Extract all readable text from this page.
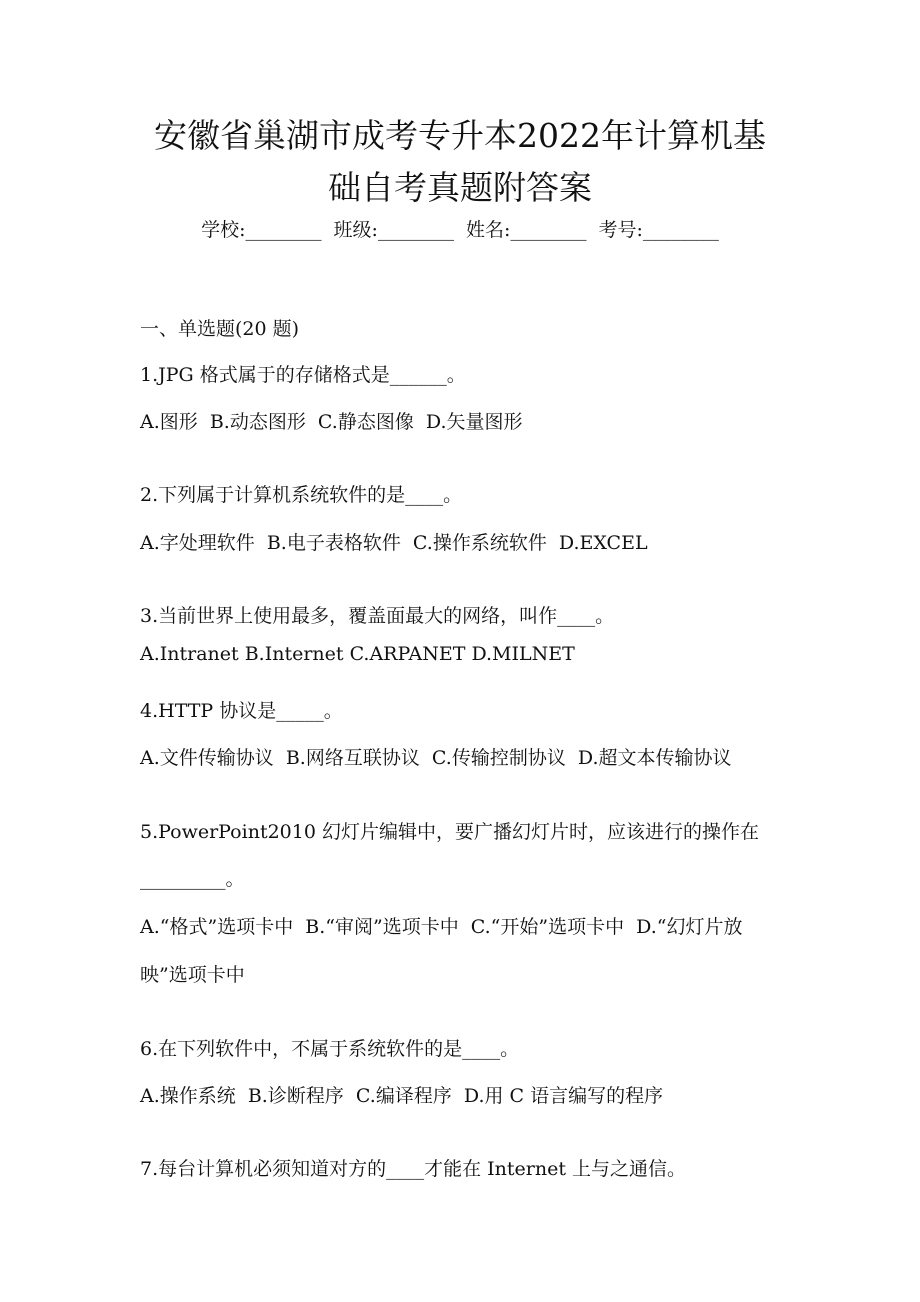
安徽省巢湖市成考专升本2022年计算机基
础自考真题附答案
学校:________  班级:________  姓名:________  考号:________
一、单选题(20 题)
1.JPG 格式属于的存储格式是______。
A.图形  B.动态图形  C.静态图像  D.矢量图形
2.下列属于计算机系统软件的是____。
A.字处理软件  B.电子表格软件  C.操作系统软件  D.EXCEL
3.当前世界上使用最多，覆盖面最大的网络，叫作____。
A.Intranet B.Internet C.ARPANET D.MILNET
4.HTTP 协议是_____。
A.文件传输协议  B.网络互联协议  C.传输控制协议  D.超文本传输协议
5.PowerPoint2010 幻灯片编辑中，要广播幻灯片时，应该进行的操作在
_________。
A.“格式”选项卡中  B.“审阅”选项卡中  C.“开始”选项卡中  D.“幻灯片放
映”选项卡中
6.在下列软件中，不属于系统软件的是____。
A.操作系统  B.诊断程序  C.编译程序  D.用 C 语言编写的程序
7.每台计算机必须知道对方的____才能在 Internet 上与之通信。
